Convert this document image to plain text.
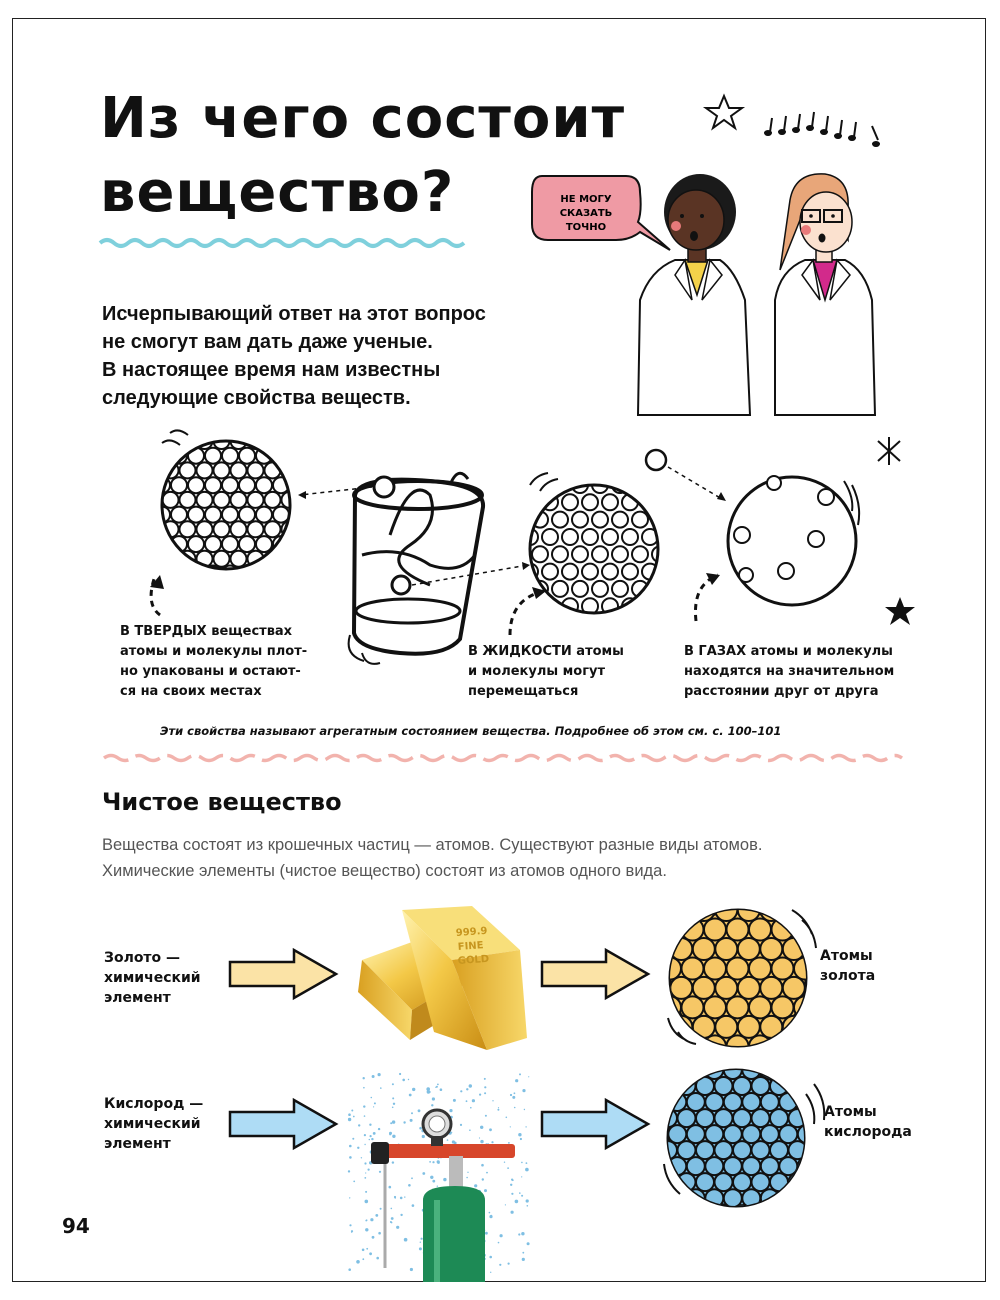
Из чего состоит
вещество?	НЕ МОГУ
СКАЗАТЬ
ТОЧНО

Исчерпывающий ответ на этот вопрос
не смогут вам дать даже ученые.
В настоящее время нам известны
следующие свойства веществ.

В ТВЕРДЫХ веществах
атомы и молекулы плот-
но упакованы и остают-
ся на своих местах

В ЖИДКОСТИ атомы
и молекулы могут
перемещаться

В ГАЗАХ атомы и молекулы
находятся на значительном
расстоянии друг от друга

Эти свойства называют агрегатным состоянием вещества. Подробнее об этом см. с. 100–101

Чистое вещество

Вещества состоят из крошечных частиц — атомов. Существуют разные виды атомов.
Химические элементы (чистое вещество) состоят из атомов одного вида.

Золото —
химический
элемент

999.9
FINE
GOLD	Атомы
золота

Кислород —
химический
элемент

Атомы
кислорода

94
